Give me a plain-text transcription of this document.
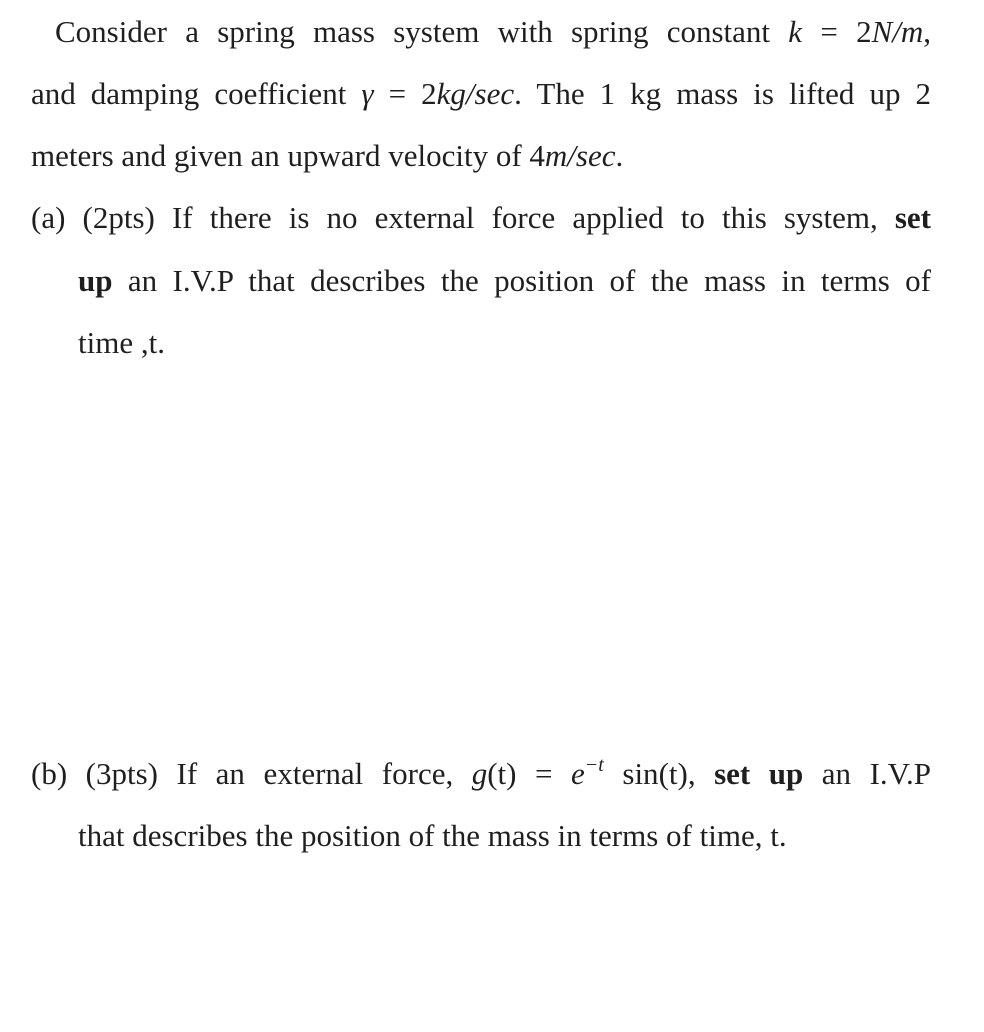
Consider a spring mass system with spring constant k = 2N/m,
and damping coefficient γ = 2kg/sec. The 1 kg mass is lifted up 2
meters and given an upward velocity of 4m/sec.
(a) (2pts) If there is no external force applied to this system, set
up an I.V.P that describes the position of the mass in terms of
time ,t.
(b) (3pts) If an external force, $g(t) = e^{-t}$ sin(t), set up an I.V.P
that describes the position of the mass in terms of time, t.
